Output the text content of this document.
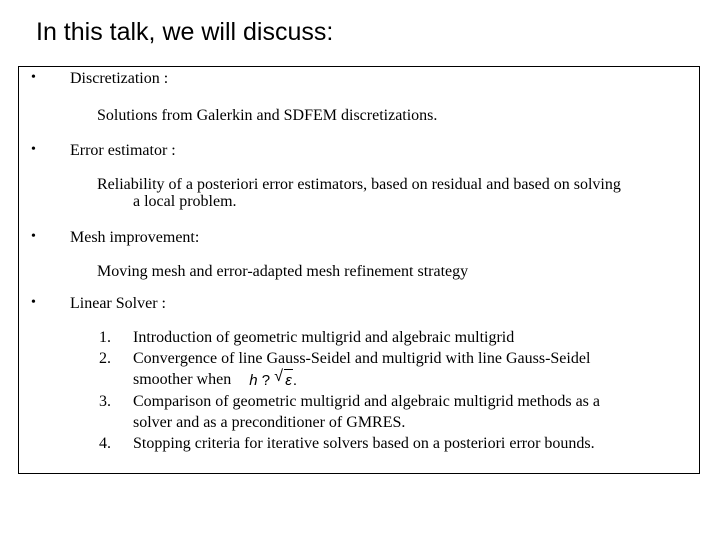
In this talk, we will discuss:
• Discretization :
Solutions from Galerkin and SDFEM discretizations.
• Error estimator :
Reliability of a posteriori error estimators, based on residual and based on solving
a local problem.
• Mesh improvement:
Moving mesh and error-adapted mesh refinement strategy
• Linear Solver :
1. Introduction of geometric multigrid and algebraic multigrid
2. Convergence of line Gauss-Seidel and multigrid with line Gauss-Seidel
smoother when h ? √ ε.
3. Comparison of geometric multigrid and algebraic multigrid methods as a
solver and as a preconditioner of GMRES.
4. Stopping criteria for iterative solvers based on a posteriori error bounds.
